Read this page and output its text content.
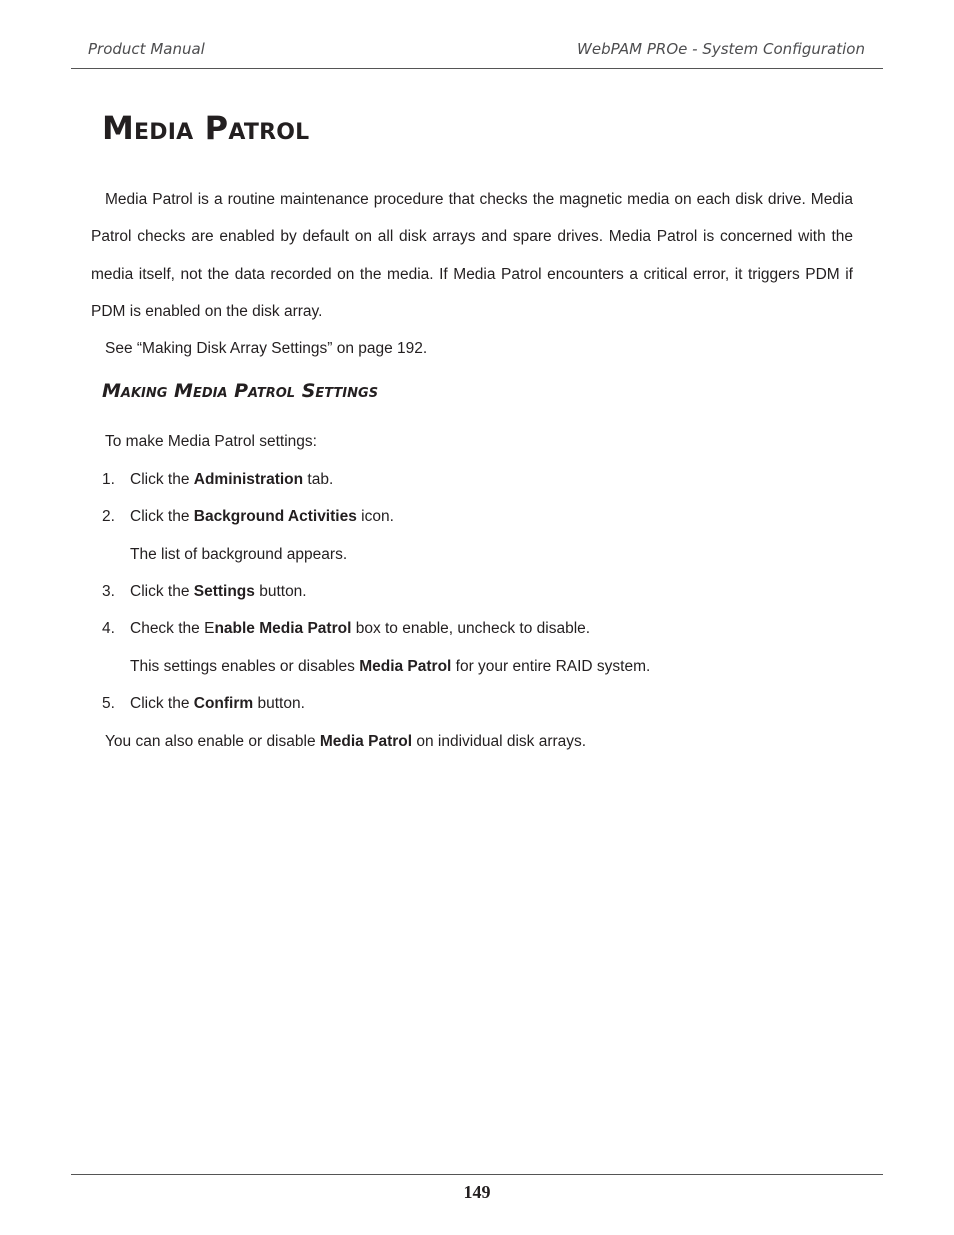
Product Manual	WebPAM PROe - System Configuration
Media Patrol

Media Patrol is a routine maintenance procedure that checks the magnetic media on each disk drive. Media Patrol checks are enabled by default on all disk arrays and spare drives. Media Patrol is concerned with the media itself, not the data recorded on the media. If Media Patrol encounters a critical error, it triggers PDM if PDM is enabled on the disk array.

See “Making Disk Array Settings” on page 192.
Making Media Patrol Settings
To make Media Patrol settings:
1. Click the Administration tab.
2. Click the Background Activities icon.
The list of background appears.
3. Click the Settings button.
4. Check the Enable Media Patrol box to enable, uncheck to disable.
This settings enables or disables Media Patrol for your entire RAID system.
5. Click the Confirm button.
You can also enable or disable Media Patrol on individual disk arrays.
149
